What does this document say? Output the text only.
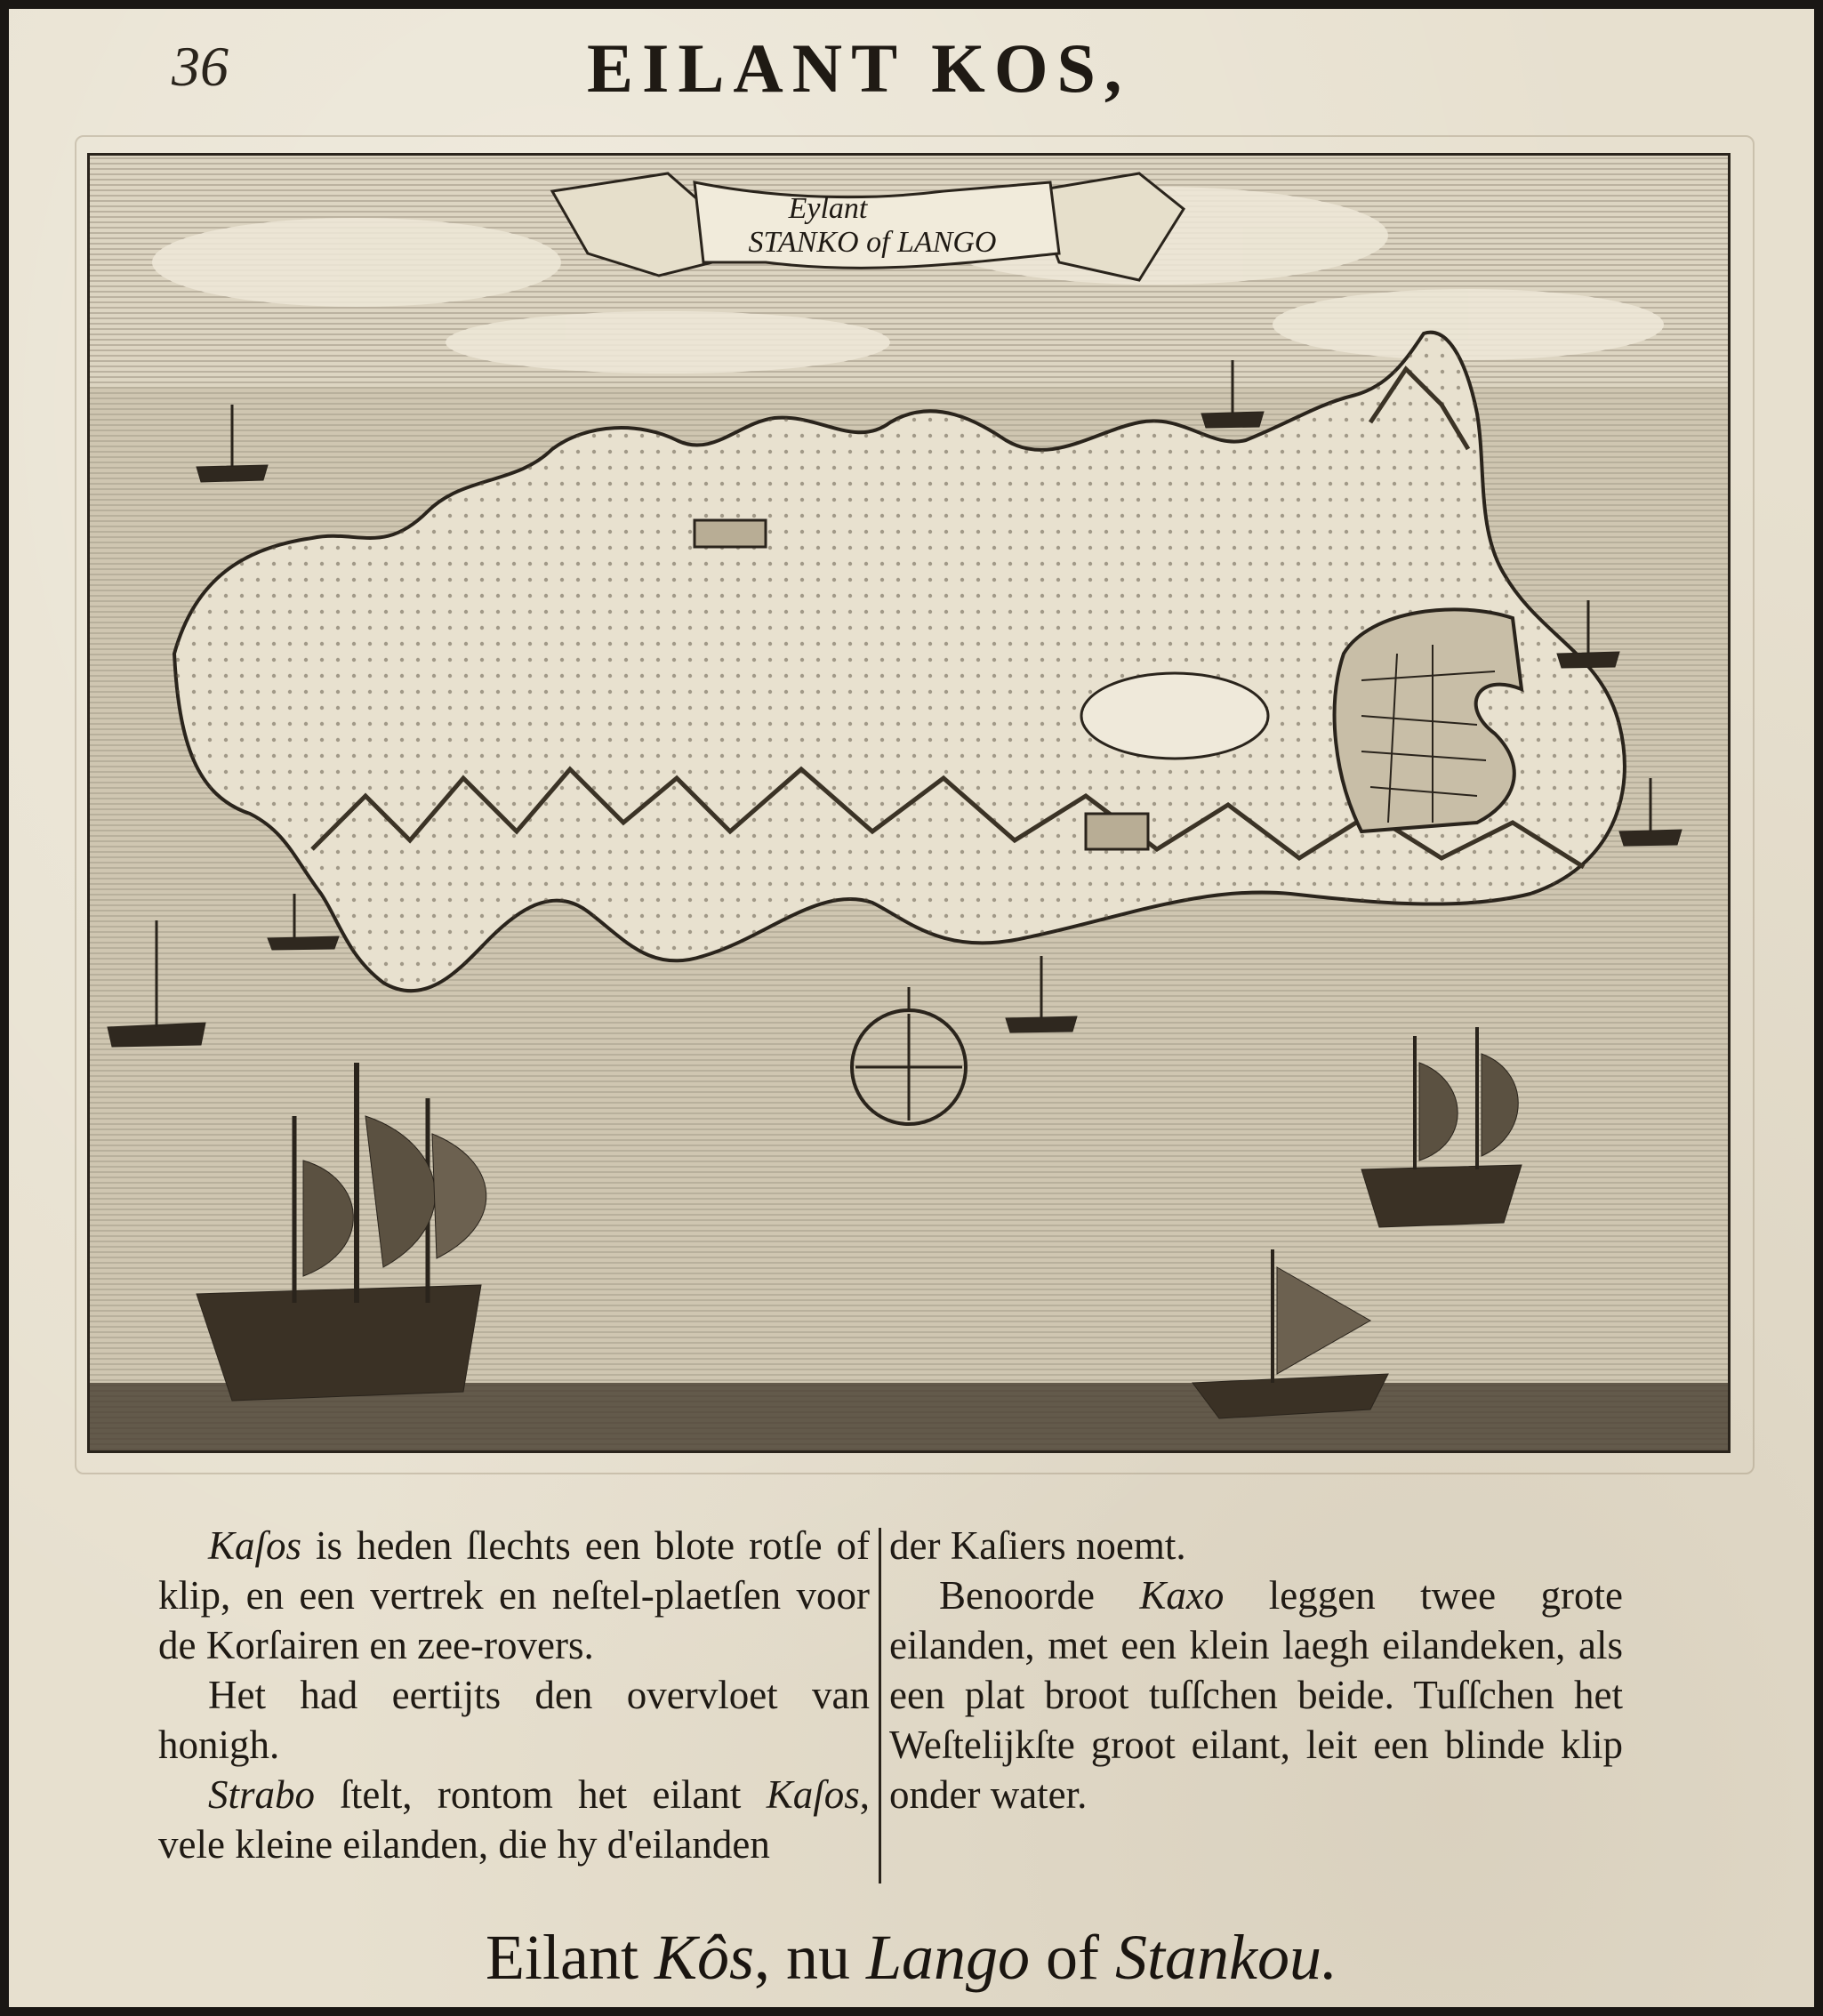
36	EILANT KOS,
Eylant
STANKO of LANGO

Kaſos is heden ſlechts een blote rotſe of klip, en een vertrek en neſtel-plaetſen voor de Korſairen en zee-rovers.

Het had eertijts den overvloet van honigh.

Strabo ſtelt, rontom het eilant Kaſos, vele kleine eilanden, die hy d'eilanden

der Kaſiers noemt.

Benoorde Kaxo leggen twee grote eilanden, met een klein laegh eilandeken, als een plat broot tuſſchen beide. Tuſſchen het Weſtelijkſte groot eilant, leit een blinde klip onder water.

Eilant Kôs, nu Lango of Stankou.
